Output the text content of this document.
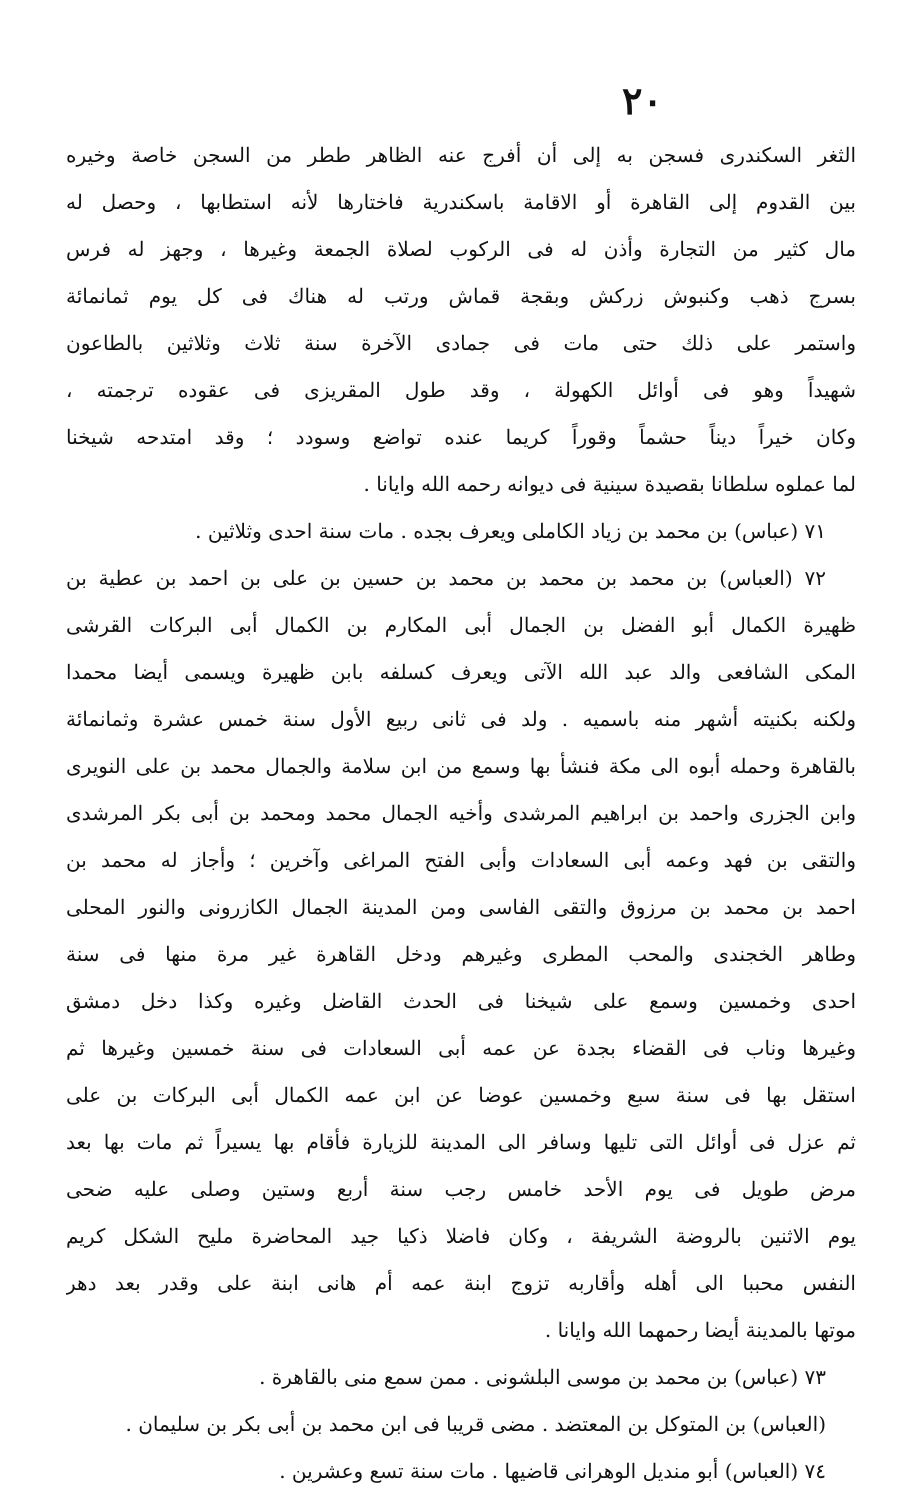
٢٠
الثغر السكندرى فسجن به إلى أن أفرج عنه الظاهر ططر من السجن خاصة وخيره
بين القدوم إلى القاهرة أو الاقامة باسكندرية فاختارها لأنه استطابها ، وحصل له
مال كثير من التجارة وأذن له فى الركوب لصلاة الجمعة وغيرها ، وجهز له فرس
بسرج ذهب وكنبوش زركش وبقجة قماش ورتب له هناك فى كل يوم ثمانمائة
واستمر على ذلك حتى مات فى جمادى الآخرة سنة ثلاث وثلاثين بالطاعون
شهيداً وهو فى أوائل الكهولة ، وقد طول المقريزى فى عقوده ترجمته ،
وكان خيراً ديناً حشماً وقوراً كريما عنده تواضع وسودد ؛ وقد امتدحه شيخنا
لما عملوه سلطانا بقصيدة سينية فى ديوانه رحمه الله وايانا .
٧١ (عباس) بن محمد بن زياد الكاملى ويعرف بجده . مات سنة احدى وثلاثين .
٧٢ (العباس) بن محمد بن محمد بن محمد بن حسين بن على بن احمد بن عطية بن
ظهيرة الكمال أبو الفضل بن الجمال أبى المكارم بن الكمال أبى البركات القرشى
المكى الشافعى والد عبد الله الآتى ويعرف كسلفه بابن ظهيرة ويسمى أيضا محمدا
ولكنه بكنيته أشهر منه باسميه . ولد فى ثانى ربيع الأول سنة خمس عشرة وثمانمائة
بالقاهرة وحمله أبوه الى مكة فنشأ بها وسمع من ابن سلامة والجمال محمد بن على النويرى
وابن الجزرى واحمد بن ابراهيم المرشدى وأخيه الجمال محمد ومحمد بن أبى بكر المرشدى
والتقى بن فهد وعمه أبى السعادات وأبى الفتح المراغى وآخرين ؛ وأجاز له محمد بن
احمد بن محمد بن مرزوق والتقى الفاسى ومن المدينة الجمال الكازرونى والنور المحلى
وطاهر الخجندى والمحب المطرى وغيرهم ودخل القاهرة غير مرة منها فى سنة
احدى وخمسين وسمع على شيخنا فى الحدث القاضل وغيره وكذا دخل دمشق
وغيرها وناب فى القضاء بجدة عن عمه أبى السعادات فى سنة خمسين وغيرها ثم
استقل بها فى سنة سبع وخمسين عوضا عن ابن عمه الكمال أبى البركات بن على
ثم عزل فى أوائل التى تليها وسافر الى المدينة للزيارة فأقام بها يسيراً ثم مات بها بعد
مرض طويل فى يوم الأحد خامس رجب سنة أربع وستين وصلى عليه ضحى
يوم الاثنين بالروضة الشريفة ، وكان فاضلا ذكيا جيد المحاضرة مليح الشكل كريم
النفس محببا الى أهله وأقاربه تزوج ابنة عمه أم هانى ابنة على وقدر بعد دهر
موتها بالمدينة أيضا رحمهما الله وايانا .
٧٣ (عباس) بن محمد بن موسى البلشونى . ممن سمع منى بالقاهرة .
(العباس) بن المتوكل بن المعتضد . مضى قريبا فى ابن محمد بن أبى بكر بن سليمان .
٧٤ (العباس) أبو منديل الوهرانى قاضيها . مات سنة تسع وعشرين .
